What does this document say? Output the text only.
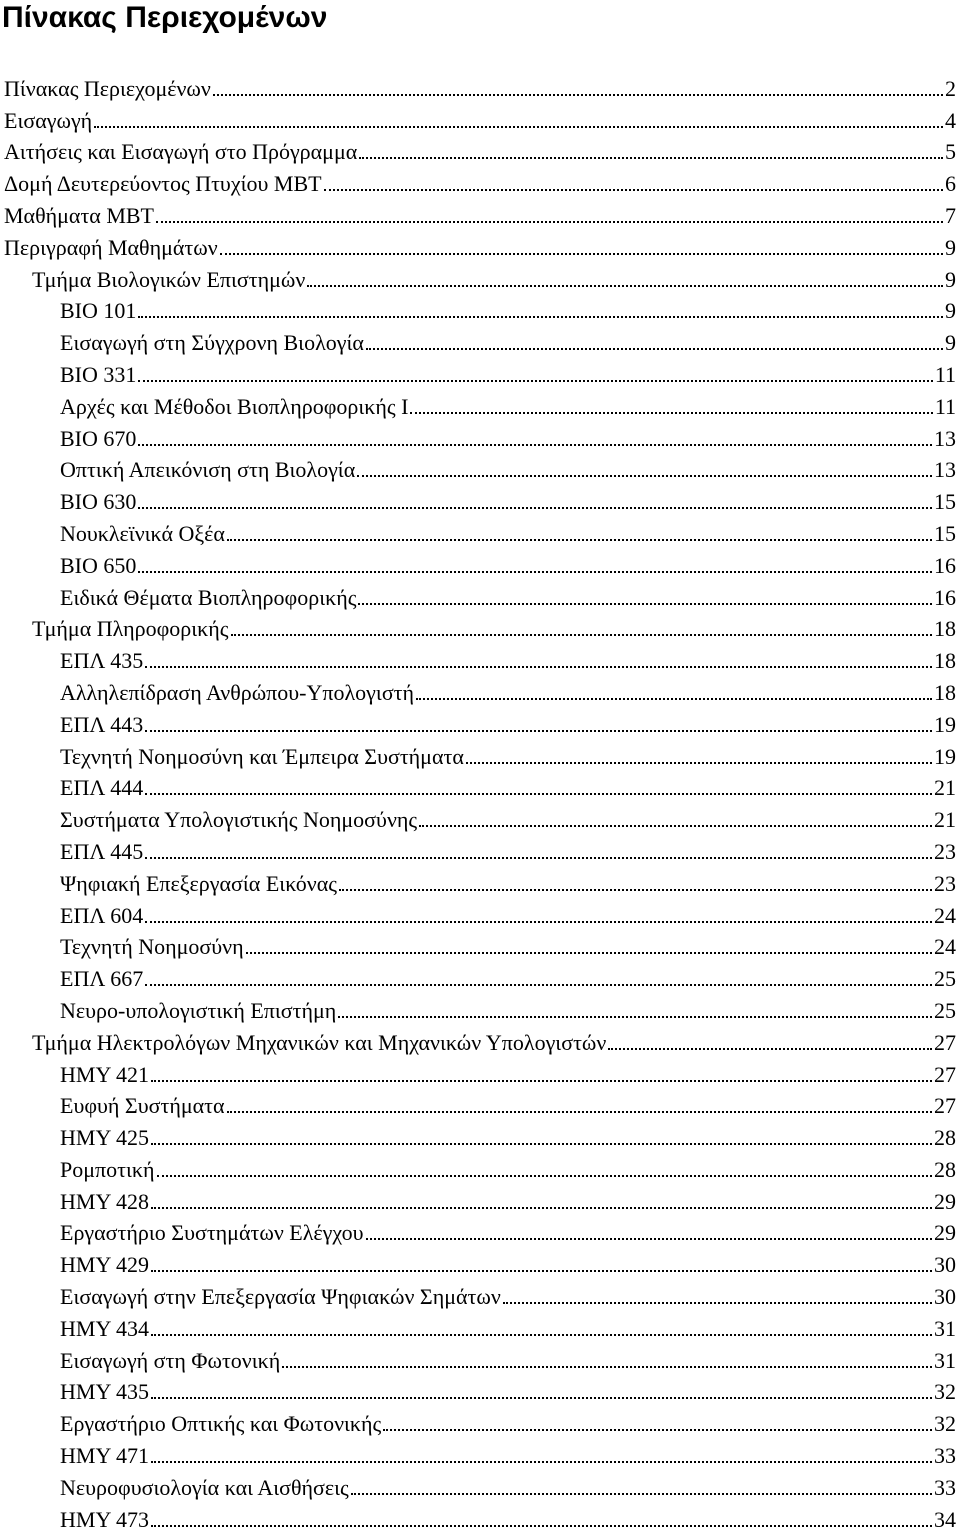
Πίνακας Περιεχομένων
Πίνακας Περιεχομένων	2
Εισαγωγή	4
Αιτήσεις και Εισαγωγή στο Πρόγραμμα	5
Δομή Δευτερεύοντος Πτυχίου ΜΒΤ	6
Μαθήματα ΜΒΤ	7
Περιγραφή Μαθημάτων	9
Τμήμα Βιολογικών Επιστημών	9
ΒΙΟ 101	9
Εισαγωγή στη Σύγχρονη Βιολογία	9
ΒΙΟ 331	11
Αρχές και Μέθοδοι Βιοπληροφορικής Ι	11
ΒΙΟ 670	13
Οπτική Απεικόνιση στη Βιολογία	13
ΒΙΟ 630	15
Νουκλεϊνικά Οξέα	15
ΒΙΟ 650	16
Ειδικά Θέματα Βιοπληροφορικής	16
Τμήμα Πληροφορικής	18
ΕΠΛ 435	18
Αλληλεπίδραση Ανθρώπου-Υπολογιστή	18
ΕΠΛ 443	19
Τεχνητή Νοημοσύνη και Έμπειρα Συστήματα	19
ΕΠΛ 444	21
Συστήματα Υπολογιστικής Νοημοσύνης	21
ΕΠΛ 445	23
Ψηφιακή Επεξεργασία Εικόνας	23
ΕΠΛ 604	24
Τεχνητή Νοημοσύνη	24
ΕΠΛ 667	25
Νευρο-υπολογιστική Επιστήμη	25
Τμήμα Ηλεκτρολόγων Μηχανικών και Μηχανικών Υπολογιστών	27
ΗΜΥ 421	27
Ευφυή Συστήματα	27
ΗΜΥ 425	28
Ρομποτική	28
ΗΜΥ 428	29
Εργαστήριο Συστημάτων Ελέγχου	29
ΗΜΥ 429	30
Εισαγωγή στην Επεξεργασία Ψηφιακών Σημάτων	30
ΗΜΥ 434	31
Εισαγωγή στη Φωτονική	31
ΗΜΥ 435	32
Εργαστήριο Οπτικής και Φωτονικής	32
ΗΜΥ 471	33
Νευροφυσιολογία και Αισθήσεις	33
ΗΜΥ 473	34
